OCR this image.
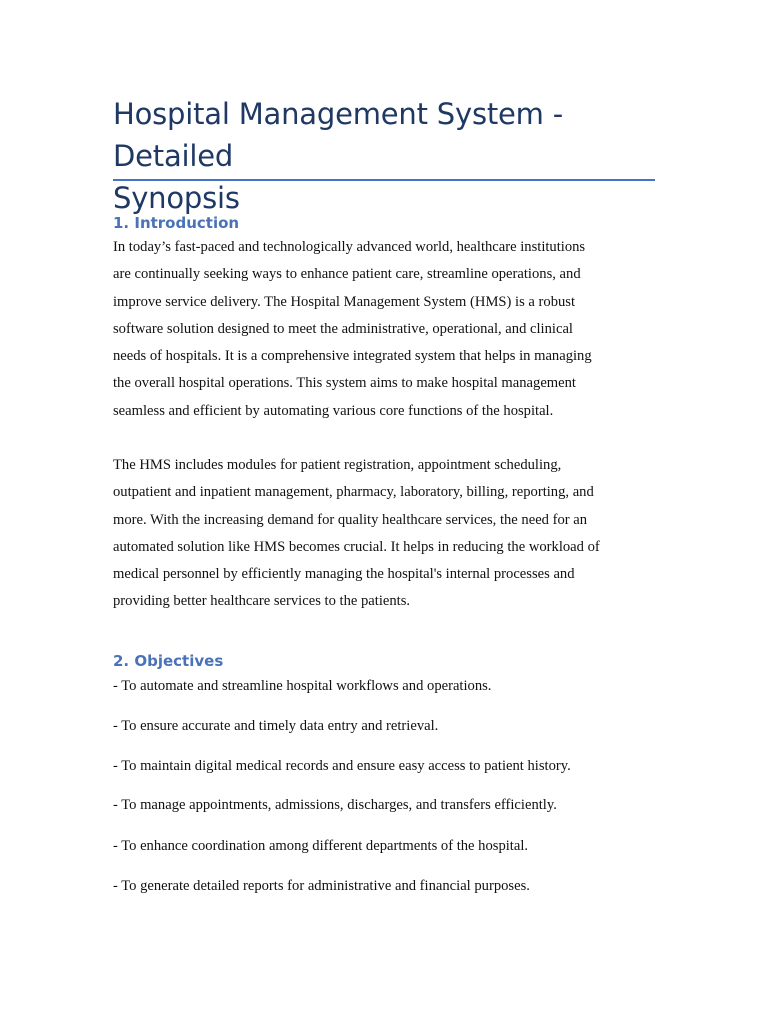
Hospital Management System - Detailed
Synopsis
1. Introduction

In today’s fast-paced and technologically advanced world, healthcare institutions
are continually seeking ways to enhance patient care, streamline operations, and
improve service delivery. The Hospital Management System (HMS) is a robust
software solution designed to meet the administrative, operational, and clinical
needs of hospitals. It is a comprehensive integrated system that helps in managing
the overall hospital operations. This system aims to make hospital management
seamless and efficient by automating various core functions of the hospital.

The HMS includes modules for patient registration, appointment scheduling,
outpatient and inpatient management, pharmacy, laboratory, billing, reporting, and
more. With the increasing demand for quality healthcare services, the need for an
automated solution like HMS becomes crucial. It helps in reducing the workload of
medical personnel by efficiently managing the hospital's internal processes and
providing better healthcare services to the patients.

2. Objectives

- To automate and streamline hospital workflows and operations.

- To ensure accurate and timely data entry and retrieval.

- To maintain digital medical records and ensure easy access to patient history.

- To manage appointments, admissions, discharges, and transfers efficiently.

- To enhance coordination among different departments of the hospital.

- To generate detailed reports for administrative and financial purposes.
